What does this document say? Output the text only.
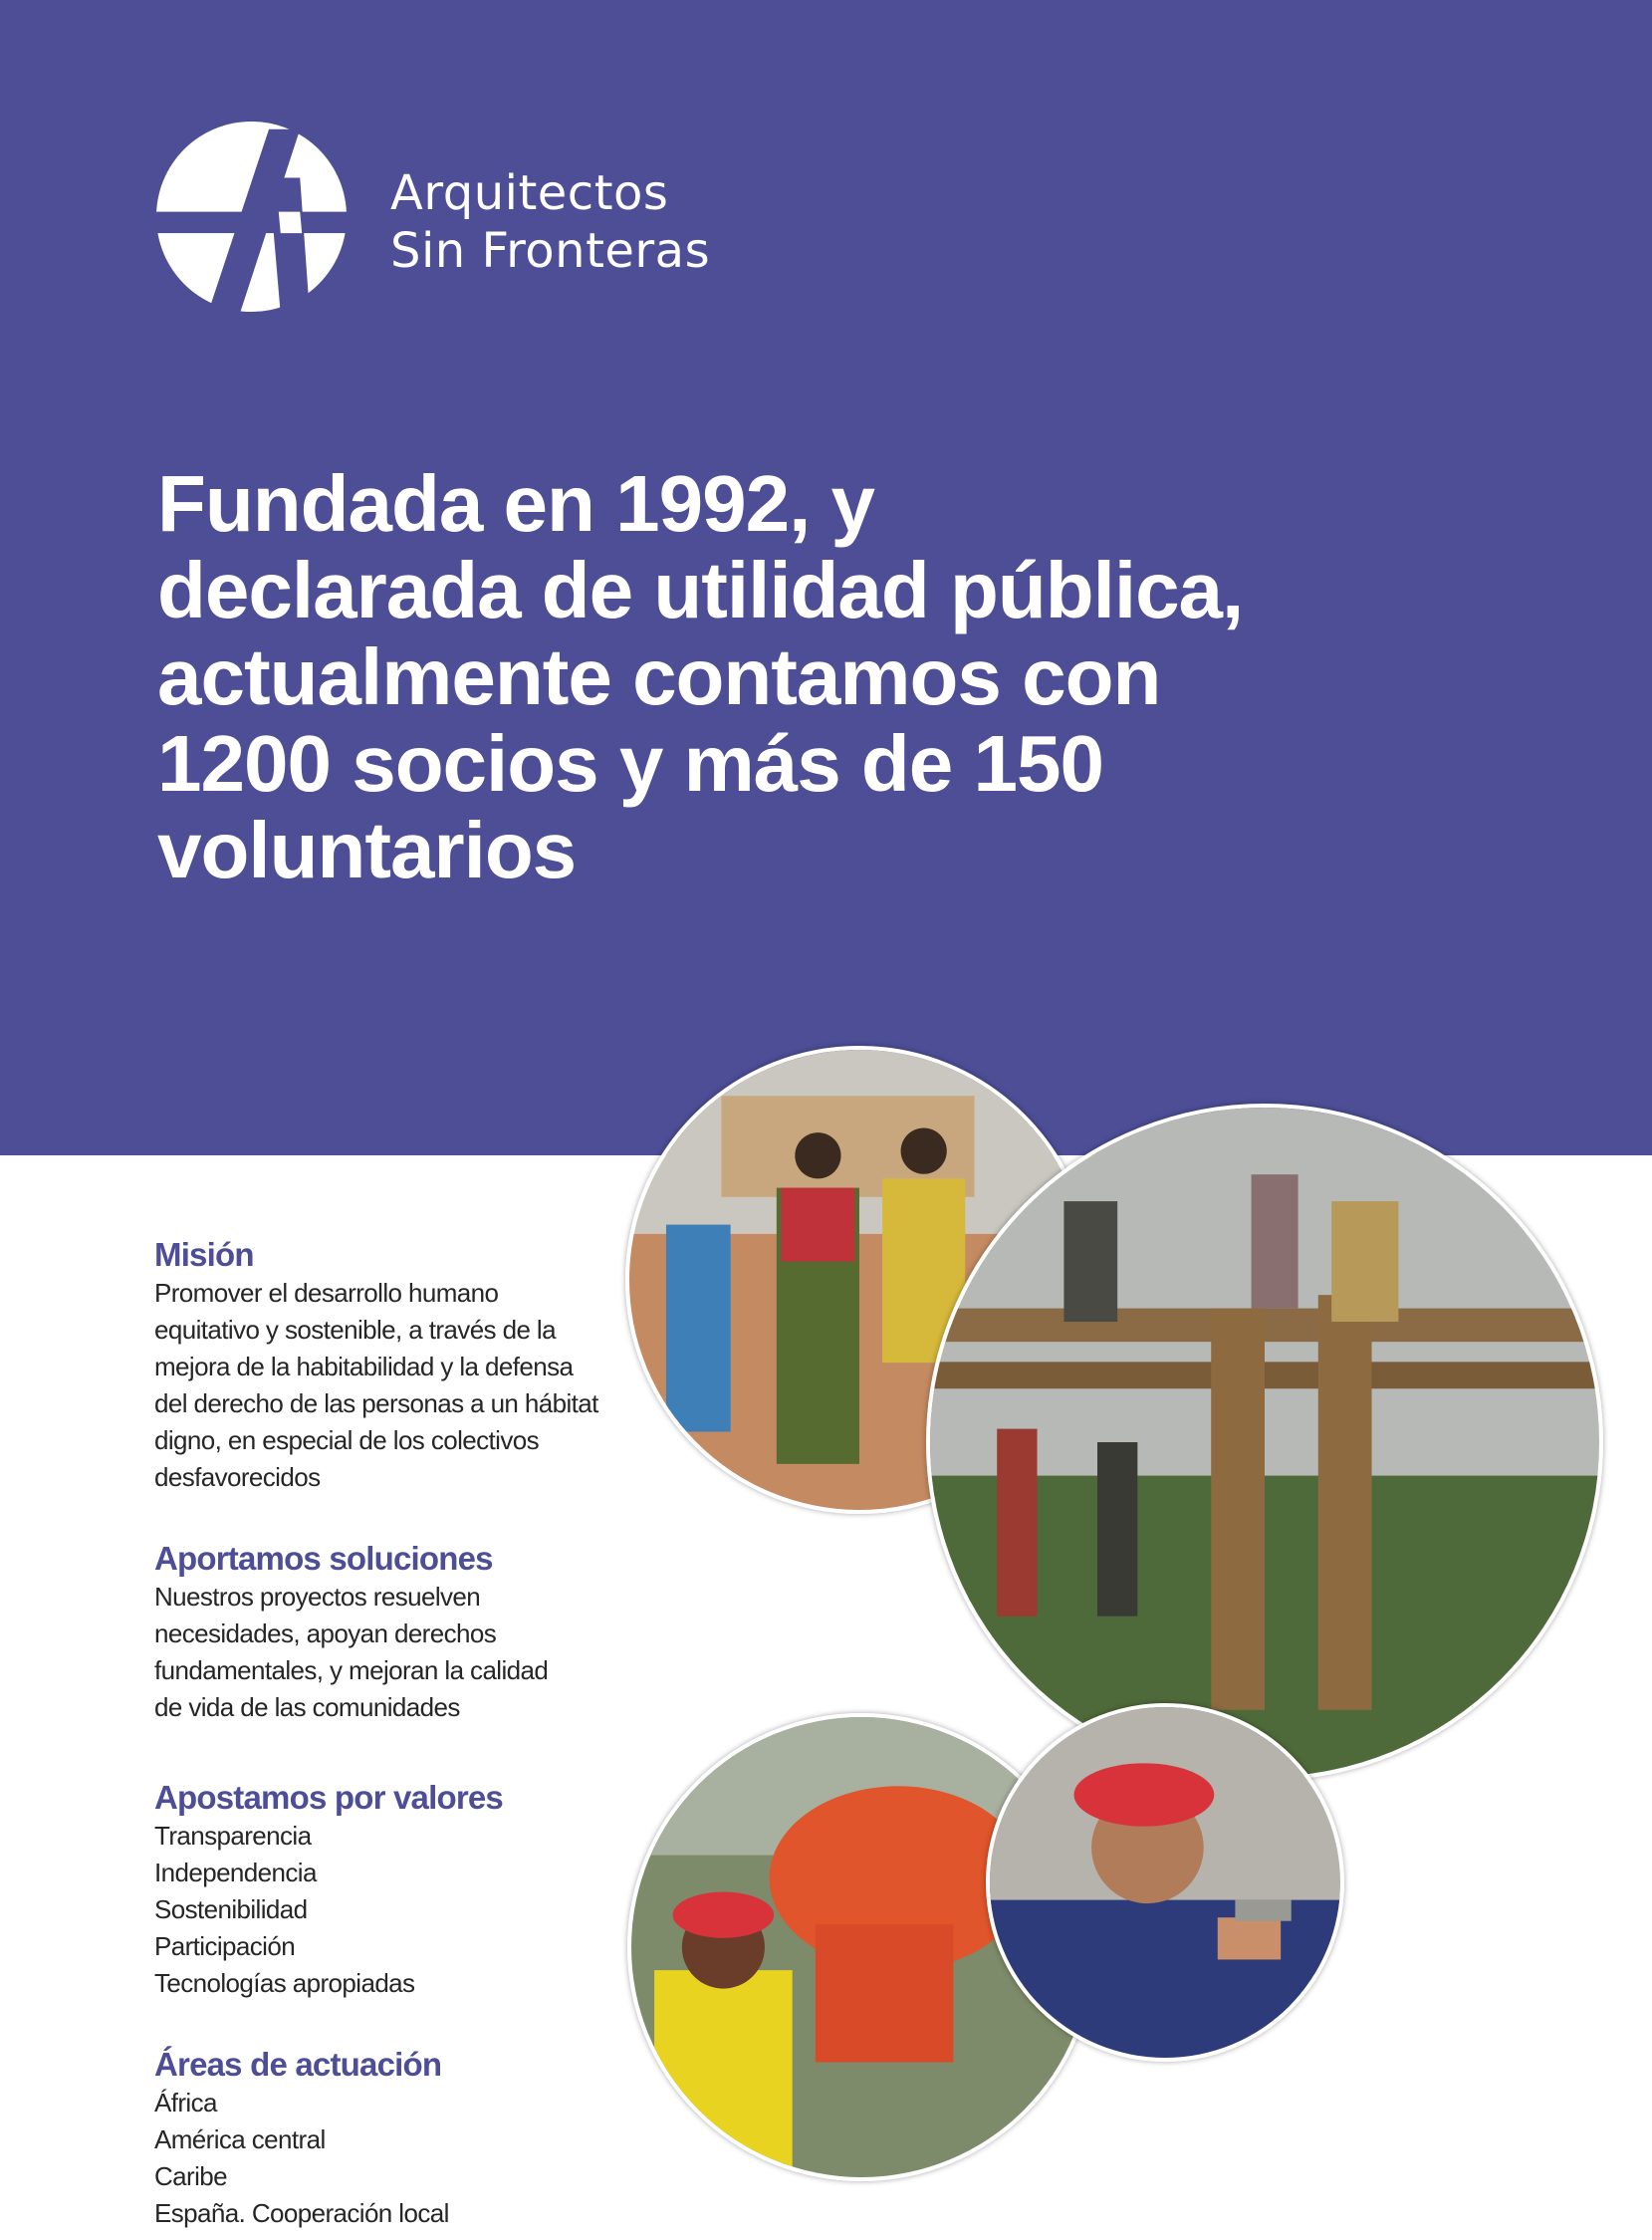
Arquitectos
Sin Fronteras
Fundada en 1992, y
declarada de utilidad pública,
actualmente contamos con
1200 socios y más de 150
voluntarios
Misión
Promover el desarrollo humano
equitativo y sostenible, a través de la
mejora de la habitabilidad y la defensa
del derecho de las personas a un hábitat
digno, en especial de los colectivos
desfavorecidos
Aportamos soluciones
Nuestros proyectos resuelven
necesidades, apoyan derechos
fundamentales, y mejoran la calidad
de vida de las comunidades
Apostamos por valores
Transparencia
Independencia
Sostenibilidad
Participación
Tecnologías apropiadas
Áreas de actuación
África
América central
Caribe
España. Cooperación local
